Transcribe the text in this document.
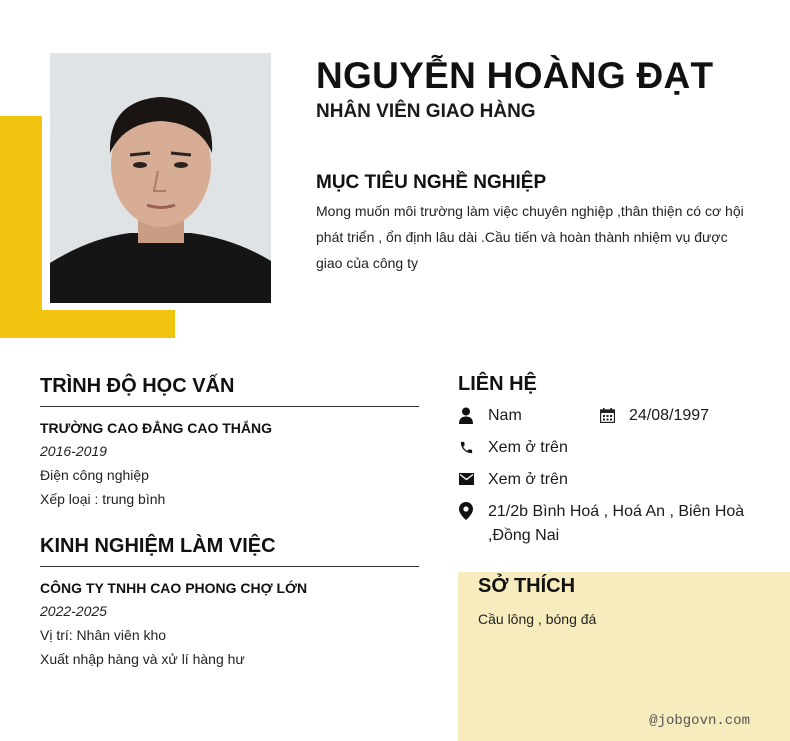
NGUYỄN HOÀNG ĐẠT
NHÂN VIÊN GIAO HÀNG
MỤC TIÊU NGHỀ NGHIỆP
Mong muốn môi trường làm việc chuyên nghiệp ,thân thiện có cơ hội phát triển , ổn định lâu dài .Cầu tiến và hoàn thành nhiệm vụ được giao của công ty
TRÌNH ĐỘ HỌC VẤN
TRƯỜNG CAO ĐẲNG CAO THẮNG
2016-2019
Điện công nghiệp
Xếp loại : trung bình
KINH NGHIỆM LÀM VIỆC
CÔNG TY TNHH CAO PHONG CHỢ LỚN
2022-2025
Vị trí: Nhân viên kho
Xuất nhập hàng và xử lí hàng hư
LIÊN HỆ
Nam	24/08/1997
Xem ở trên
Xem ở trên
21/2b Bình Hoá , Hoá An , Biên Hoà ,Đồng Nai
SỞ THÍCH
Cầu lông , bóng đá
@jobgovn.com
